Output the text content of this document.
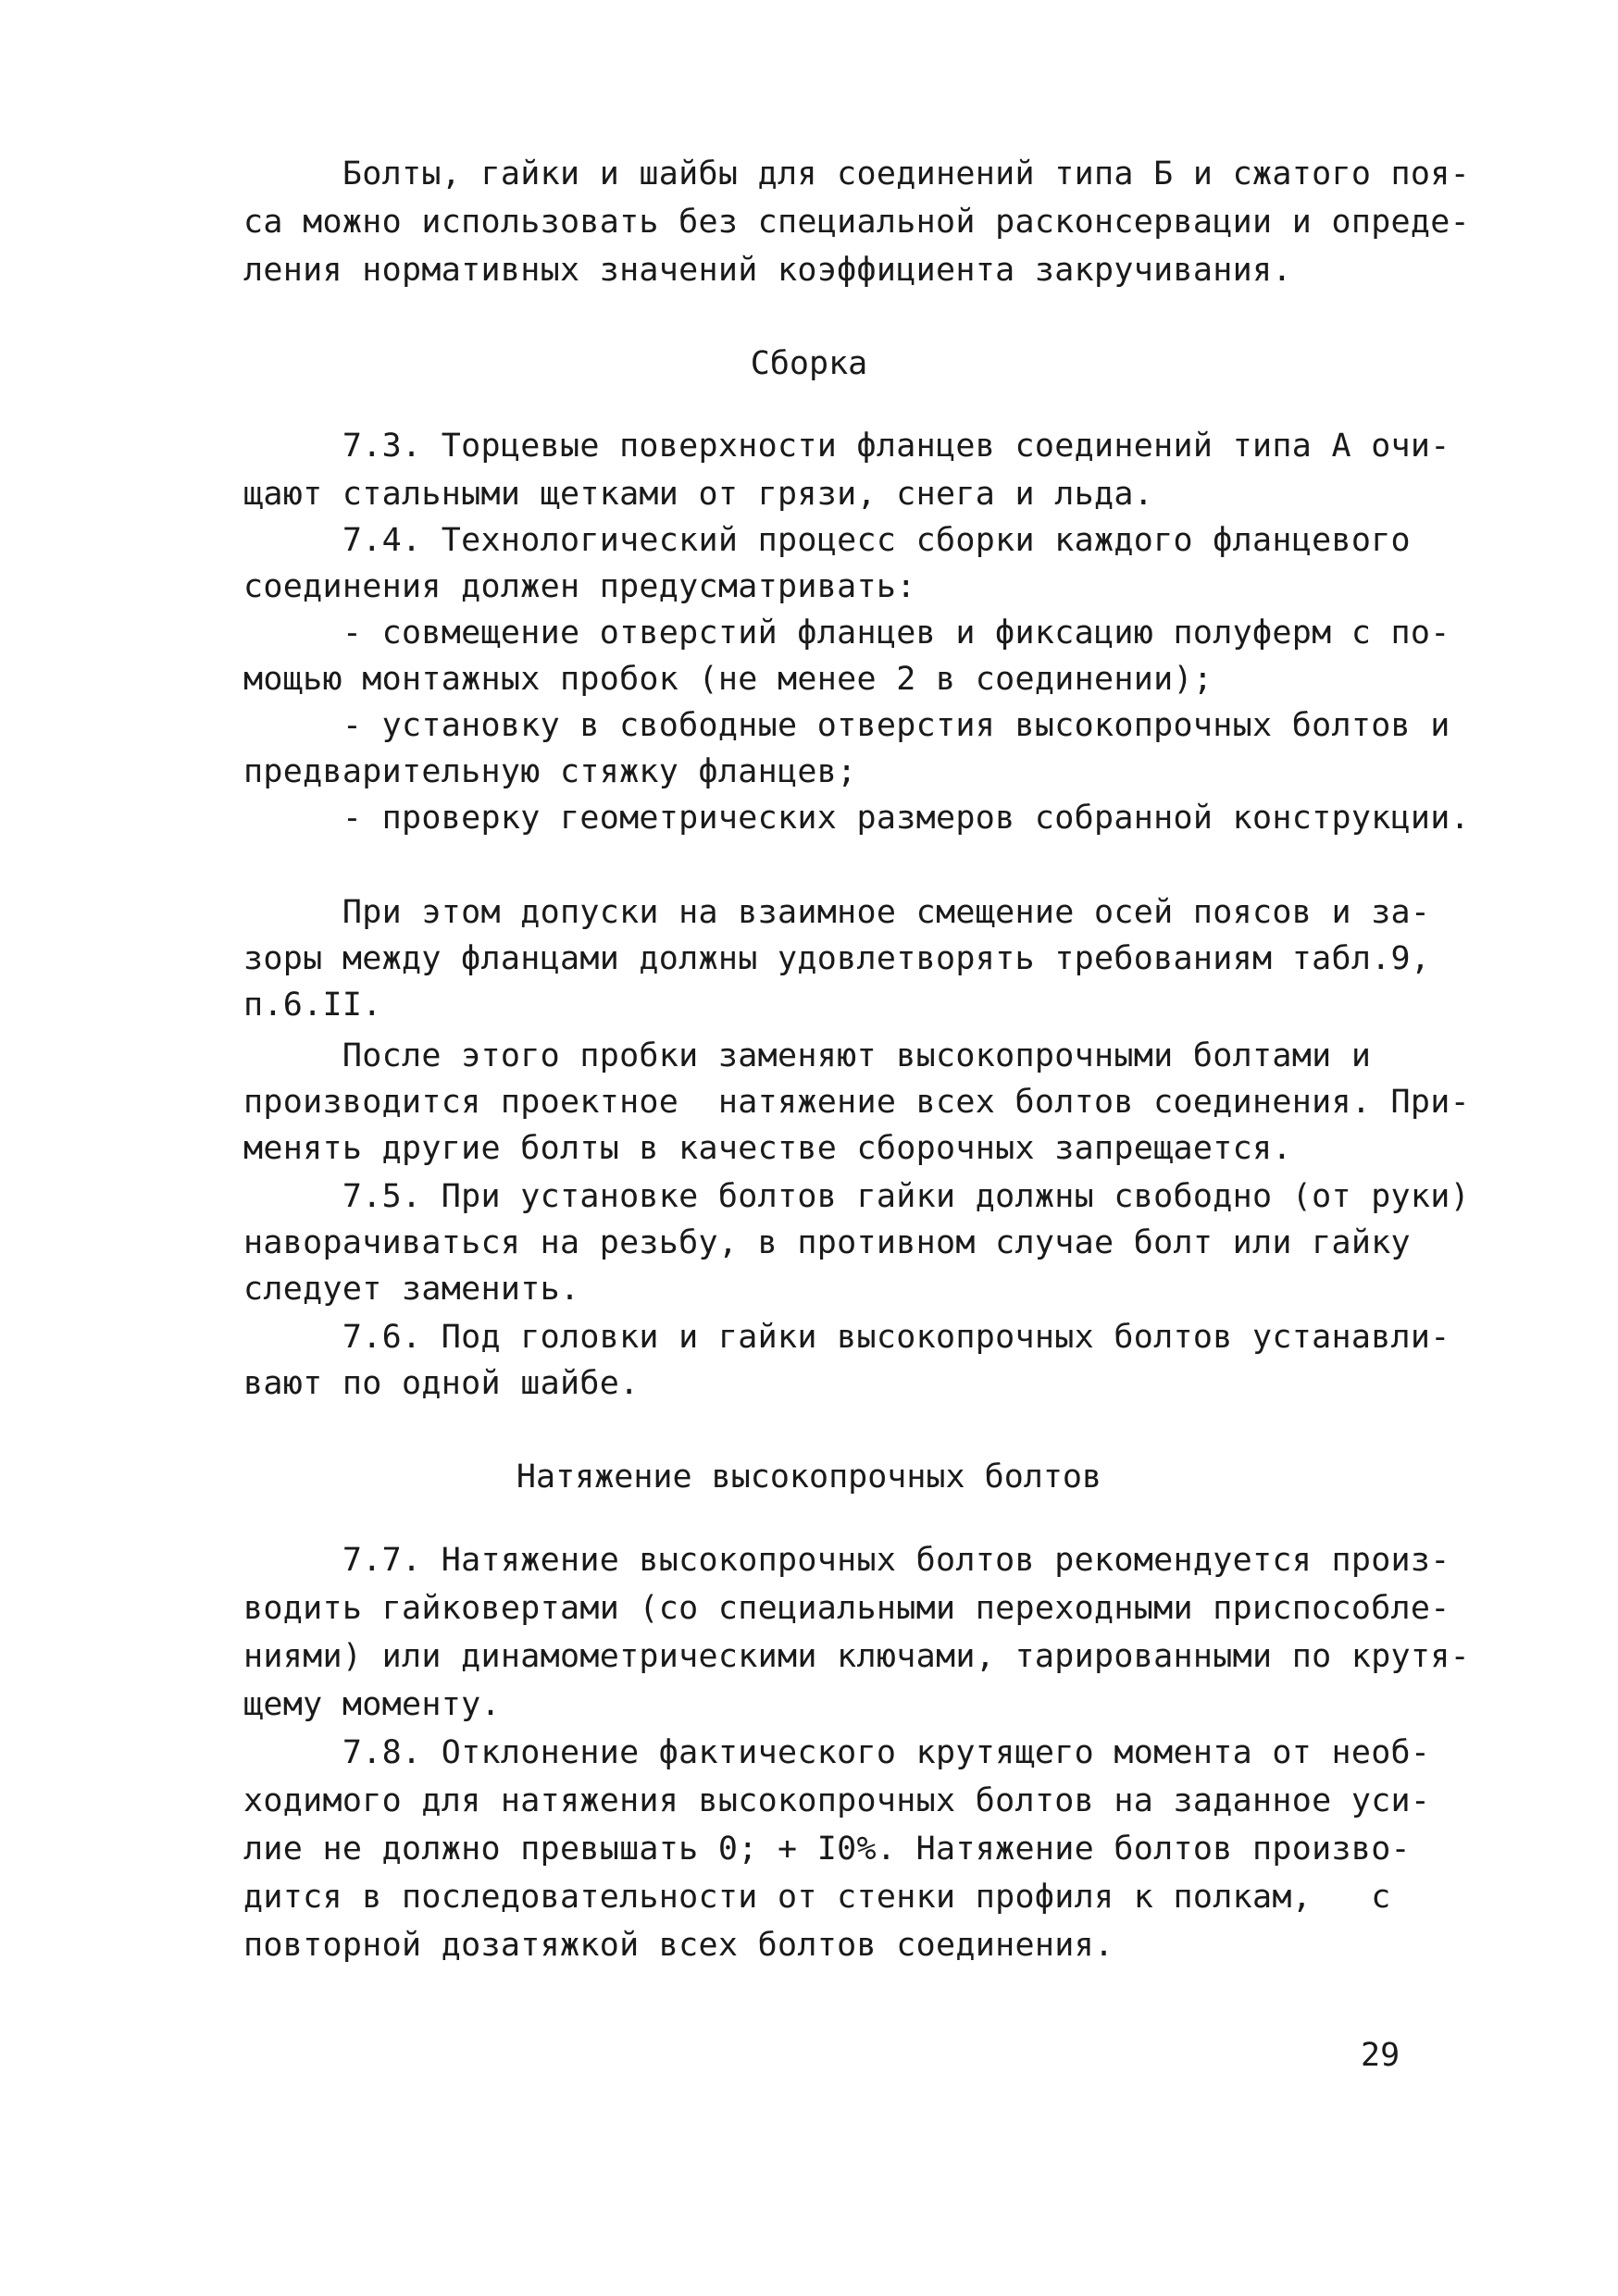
Болты, гайки и шайбы для соединений типа Б и сжатого поя-
са можно использовать без специальной расконсервации и опреде-
ления нормативных значений коэффициента закручивания.
Сборка
7.3. Торцевые поверхности фланцев соединений типа А очи-
щают стальными щетками от грязи, снега и льда.
7.4. Технологический процесс сборки каждого фланцевого
соединения должен предусматривать:
- совмещение отверстий фланцев и фиксацию полуферм с по-
мощью монтажных пробок (не менее 2 в соединении);
- установку в свободные отверстия высокопрочных болтов и
предварительную стяжку фланцев;
- проверку геометрических размеров собранной конструкции.
При этом допуски на взаимное смещение осей поясов и за-
зоры между фланцами должны удовлетворять требованиям табл.9,
п.6.II.
После этого пробки заменяют высокопрочными болтами и
производится проектное  натяжение всех болтов соединения. При-
менять другие болты в качестве сборочных запрещается.
7.5. При установке болтов гайки должны свободно (от руки)
наворачиваться на резьбу, в противном случае болт или гайку
следует заменить.
7.6. Под головки и гайки высокопрочных болтов устанавли-
вают по одной шайбе.
Натяжение высокопрочных болтов
7.7. Натяжение высокопрочных болтов рекомендуется произ-
водить гайковертами (со специальными переходными приспособле-
ниями) или динамометрическими ключами, тарированными по крутя-
щему моменту.
7.8. Отклонение фактического крутящего момента от необ-
ходимого для натяжения высокопрочных болтов на заданное уси-
лие не должно превышать 0; + I0%. Натяжение болтов произво-
дится в последовательности от стенки профиля к полкам,   с
повторной дозатяжкой всех болтов соединения.
29
